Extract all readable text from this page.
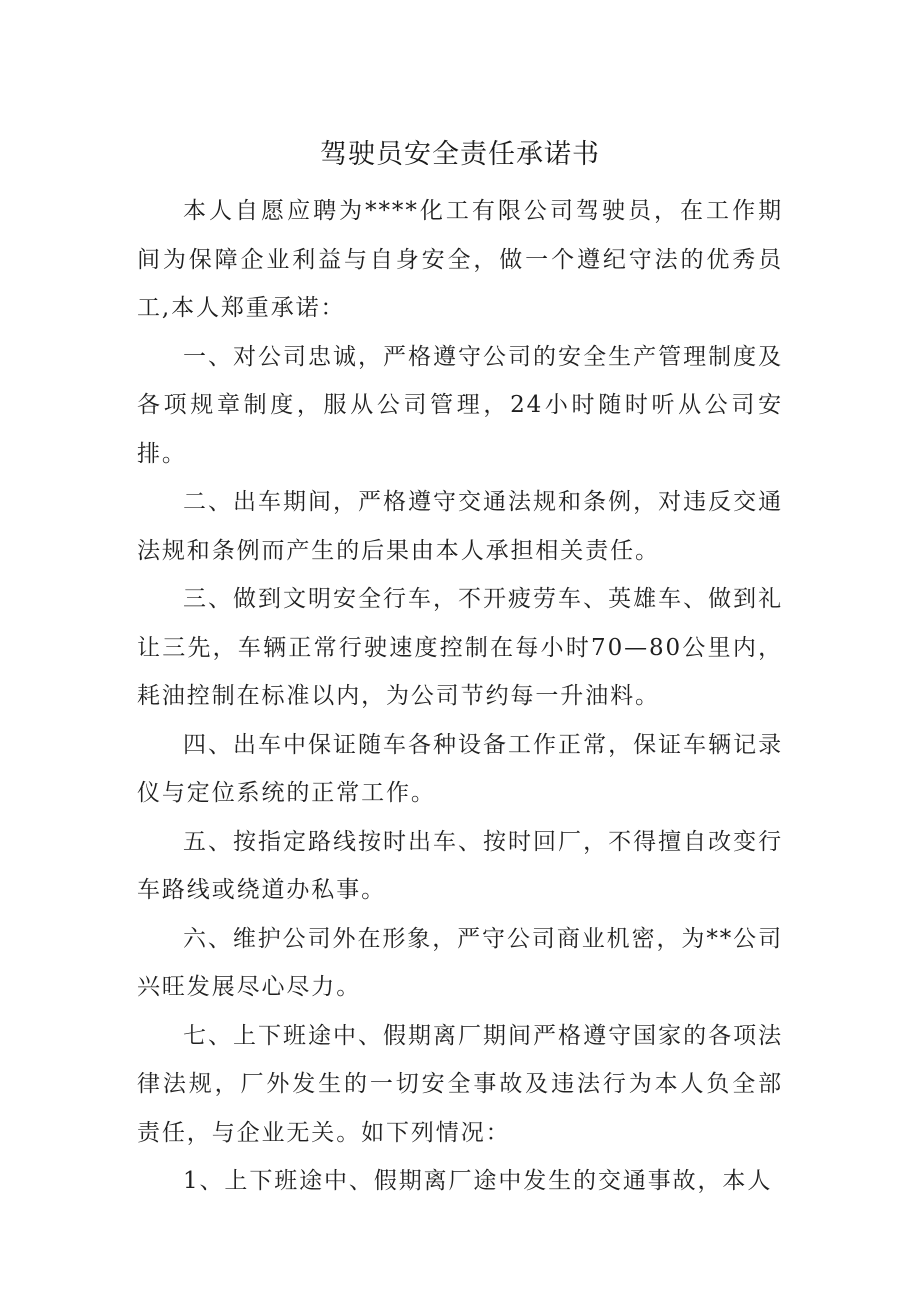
驾驶员安全责任承诺书

本人自愿应聘为****化工有限公司驾驶员，在工作期间为保障企业利益与自身安全，做一个遵纪守法的优秀员工,本人郑重承诺：

一、对公司忠诚，严格遵守公司的安全生产管理制度及各项规章制度，服从公司管理，24小时随时听从公司安排。

二、出车期间，严格遵守交通法规和条例，对违反交通法规和条例而产生的后果由本人承担相关责任。

三、做到文明安全行车，不开疲劳车、英雄车、做到礼让三先，车辆正常行驶速度控制在每小时70—80公里内，耗油控制在标准以内，为公司节约每一升油料。

四、出车中保证随车各种设备工作正常，保证车辆记录仪与定位系统的正常工作。

五、按指定路线按时出车、按时回厂，不得擅自改变行车路线或绕道办私事。

六、维护公司外在形象，严守公司商业机密，为**公司兴旺发展尽心尽力。

七、上下班途中、假期离厂期间严格遵守国家的各项法律法规，厂外发生的一切安全事故及违法行为本人负全部责任，与企业无关。如下列情况：

1、上下班途中、假期离厂途中发生的交通事故，本人
